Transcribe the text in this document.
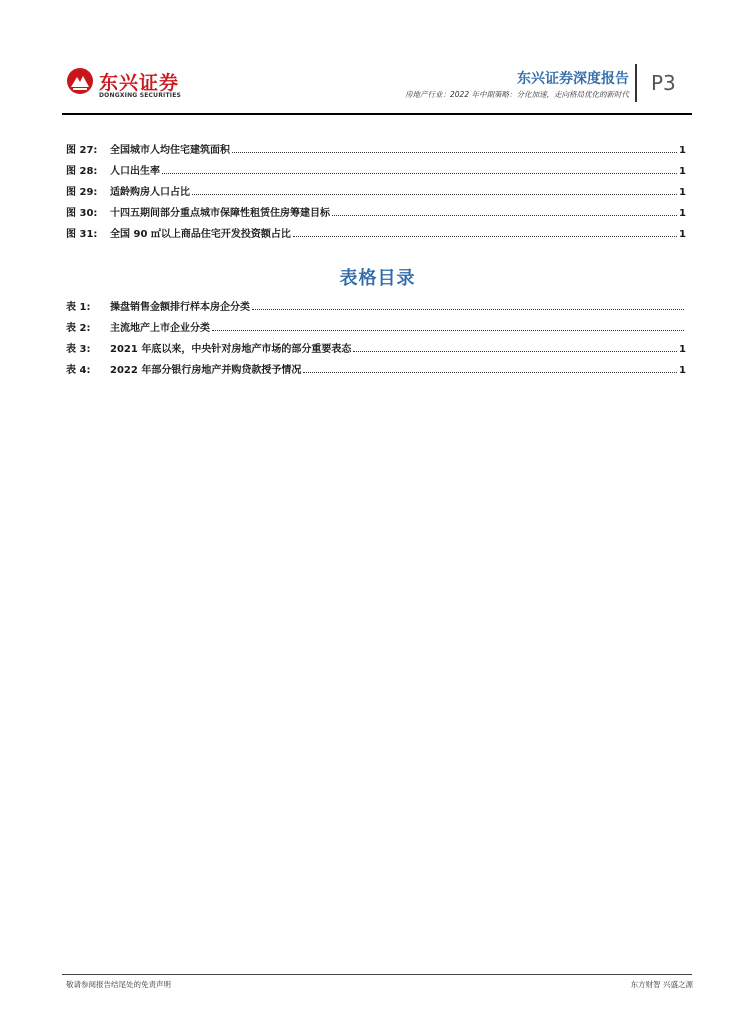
东兴证券
DONGXING SECURITIES
东兴证券深度报告
房地产行业：2022 年中期策略：分化加速，走向格局优化的新时代 P3
图 27:	全国城市人均住宅建筑面积	1
图 28:	人口出生率	1
图 29:	适龄购房人口占比	1
图 30:	十四五期间部分重点城市保障性租赁住房筹建目标	1
图 31:	全国 90 ㎡以上商品住宅开发投资额占比	1
表格目录
表 1:	操盘销售金额排行样本房企分类
表 2:	主流地产上市企业分类
表 3:	2021 年底以来，中央针对房地产市场的部分重要表态	1
表 4:	2022 年部分银行房地产并购贷款授予情况	1
敬请参阅报告结尾处的免责声明	东方财智 兴盛之源
